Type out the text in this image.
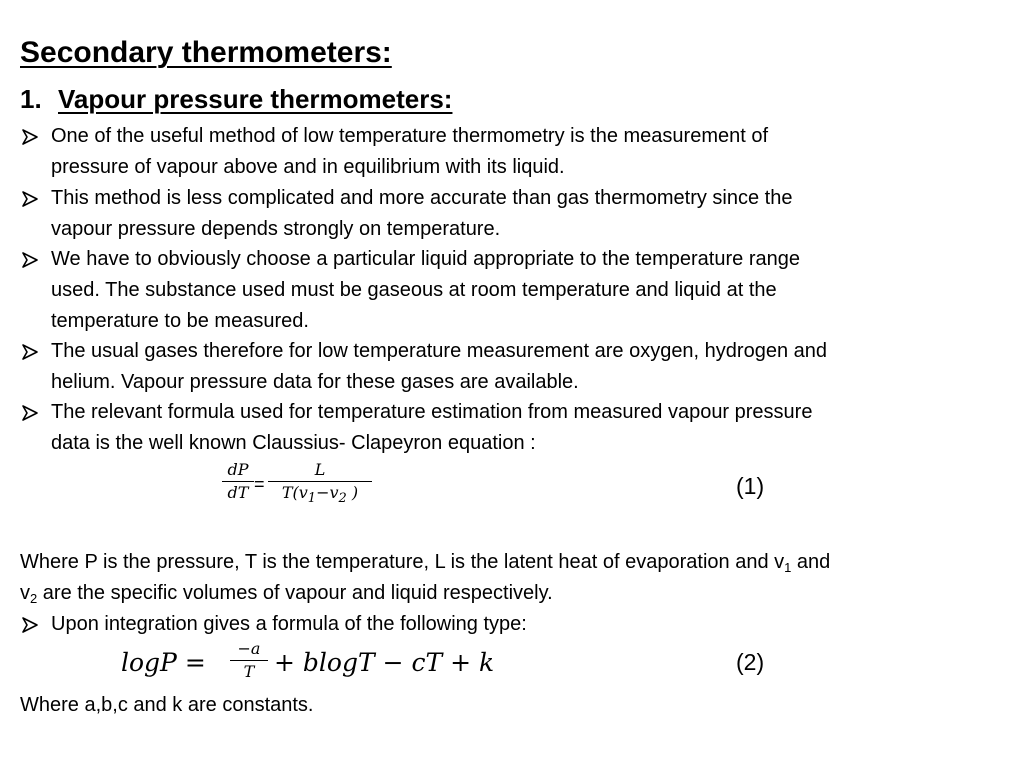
Secondary thermometers:
1. Vapour pressure thermometers:
One of the useful method of low temperature thermometry is the measurement of
pressure of vapour above and in equilibrium with its liquid.
This method is less complicated and more accurate than gas thermometry since the
vapour pressure depends strongly on temperature.
We have to obviously choose a particular liquid appropriate to the temperature range
used. The substance used must be gaseous at room temperature and liquid at the
temperature to be measured.
The usual gases therefore for low temperature measurement are oxygen, hydrogen and
helium. Vapour pressure data for these gases are available.
The relevant formula used for temperature estimation from measured vapour pressure
data is the well known Claussius- Clapeyron equation :
dP
dT =
L
$T(v_1-v_2$ )	(1)
Where P is the pressure, T is the temperature, L is the latent heat of evaporation and $v_1$ and
$v_2$ are the specific volumes of vapour and liquid respectively.
Upon integration gives a formula of the following type:
logP =	−a
T + blogT − cT + k	(2)
Where a,b,c and k are constants.
